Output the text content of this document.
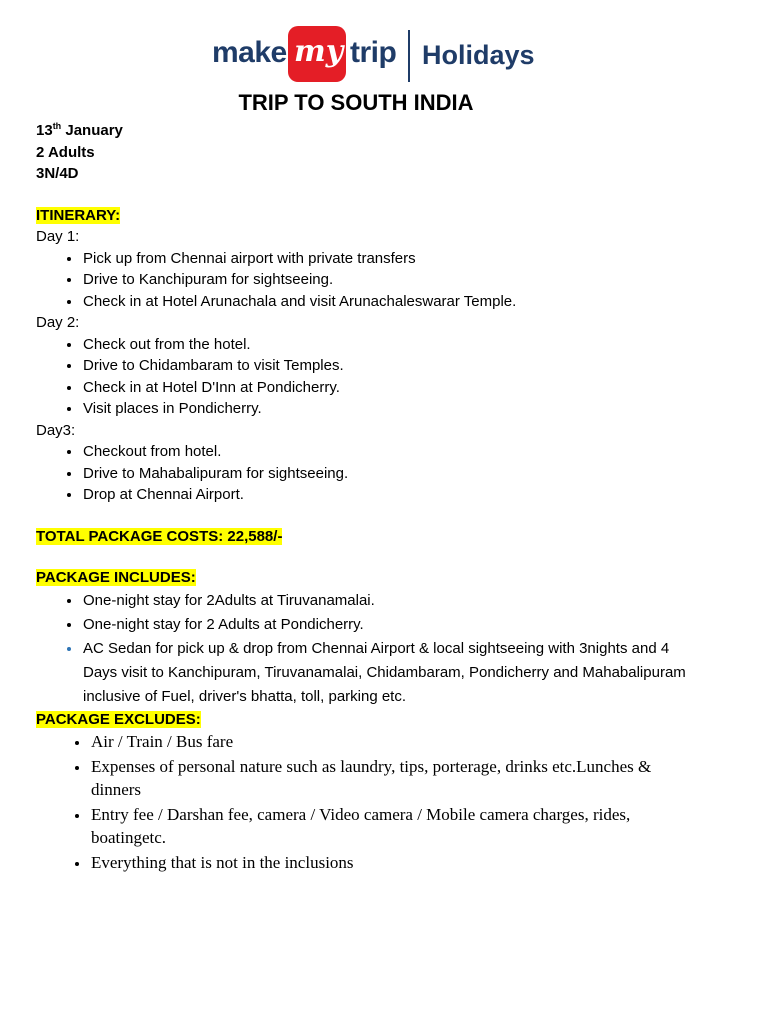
make my trip Holidays
TRIP TO SOUTH INDIA
13th January
2 Adults
3N/4D
ITINERARY:
Day 1:
• Pick up from Chennai airport with private transfers
• Drive to Kanchipuram for sightseeing.
• Check in at Hotel Arunachala and visit Arunachaleswarar Temple.
Day 2:
• Check out from the hotel.
• Drive to Chidambaram to visit Temples.
• Check in at Hotel D'Inn at Pondicherry.
• Visit places in Pondicherry.
Day3:
• Checkout from hotel.
• Drive to Mahabalipuram for sightseeing.
• Drop at Chennai Airport.
TOTAL PACKAGE COSTS: 22,588/-
PACKAGE INCLUDES:
• One-night stay for 2Adults at Tiruvanamalai.
• One-night stay for 2 Adults at Pondicherry.
• AC Sedan for pick up & drop from Chennai Airport & local sightseeing with 3nights and 4 Days visit to Kanchipuram, Tiruvanamalai, Chidambaram, Pondicherry and Mahabalipuram inclusive of Fuel, driver's bhatta, toll, parking etc.
PACKAGE EXCLUDES:
• Air / Train / Bus fare
• Expenses of personal nature such as laundry, tips, porterage, drinks etc.Lunches & dinners
• Entry fee / Darshan fee, camera / Video camera / Mobile camera charges, rides, boatingetc.
• Everything that is not in the inclusions
